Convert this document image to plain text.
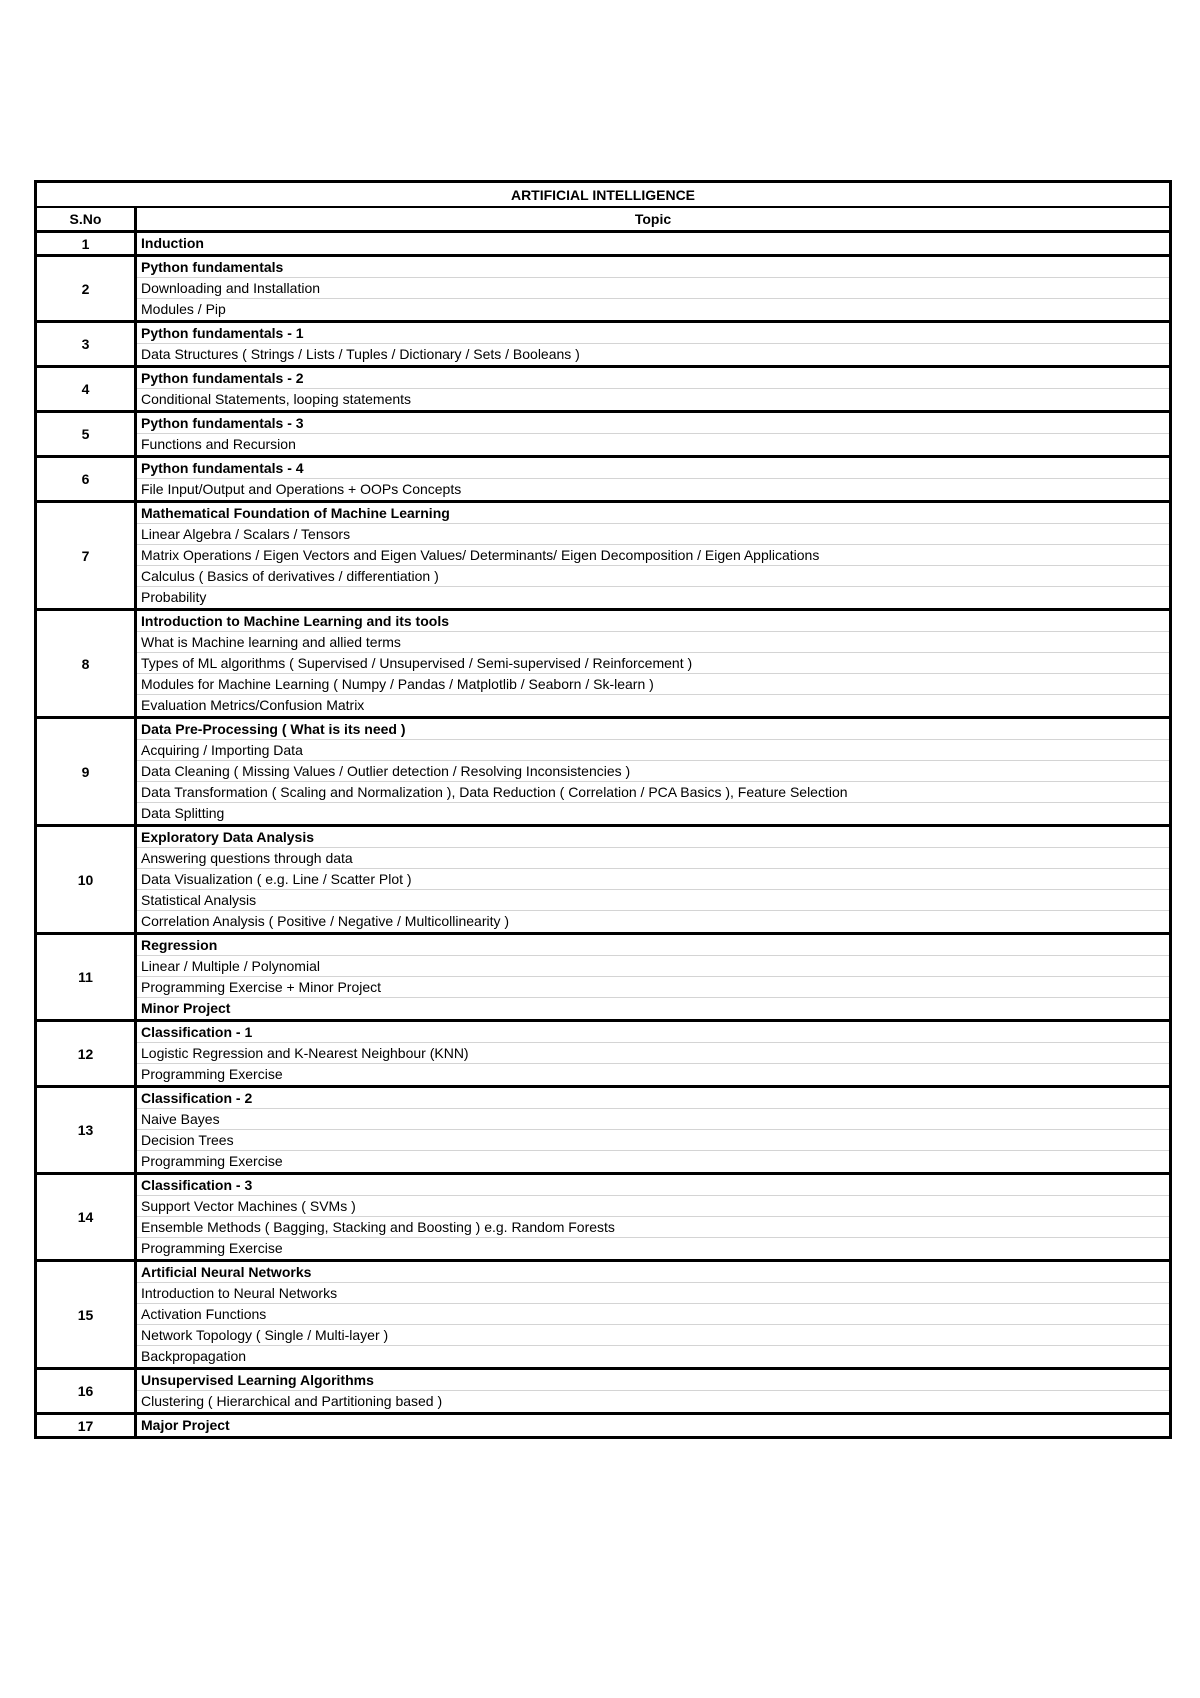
ARTIFICIAL INTELLIGENCE	
S.No	Topic
1	Induction

2	Python fundamentals
Downloading and Installation
Modules / Pip

3	Python fundamentals - 1
Data Structures ( Strings / Lists / Tuples / Dictionary / Sets / Booleans )

4	Python fundamentals - 2
Conditional Statements, looping statements

5	Python fundamentals - 3
Functions and Recursion

6	Python fundamentals - 4
File Input/Output and Operations + OOPs Concepts

7	Mathematical Foundation of Machine Learning
Linear Algebra / Scalars / Tensors
Matrix Operations / Eigen Vectors and Eigen Values/ Determinants/ Eigen Decomposition / Eigen Applications
Calculus ( Basics of derivatives / differentiation )
Probability

8	Introduction to Machine Learning and its tools
What is Machine learning and allied terms
Types of ML algorithms ( Supervised / Unsupervised / Semi-supervised / Reinforcement )
Modules for Machine Learning ( Numpy / Pandas / Matplotlib / Seaborn / Sk-learn )
Evaluation Metrics/Confusion Matrix

9	Data Pre-Processing ( What is its need )
Acquiring / Importing Data
Data Cleaning ( Missing Values / Outlier detection / Resolving Inconsistencies )
Data Transformation ( Scaling and Normalization ), Data Reduction ( Correlation / PCA Basics ), Feature Selection
Data Splitting

10	Exploratory Data Analysis
Answering questions through data
Data Visualization ( e.g. Line / Scatter Plot )
Statistical Analysis
Correlation Analysis ( Positive / Negative / Multicollinearity )

11	Regression
Linear / Multiple / Polynomial
Programming Exercise + Minor Project
Minor Project

12	Classification - 1
Logistic Regression and K-Nearest Neighbour (KNN)
Programming Exercise

13	Classification - 2
Naive Bayes
Decision Trees
Programming Exercise

14	Classification - 3
Support Vector Machines ( SVMs )
Ensemble Methods ( Bagging, Stacking and Boosting ) e.g. Random Forests
Programming Exercise

15	Artificial Neural Networks
Introduction to Neural Networks
Activation Functions
Network Topology ( Single / Multi-layer )
Backpropagation

16	Unsupervised Learning Algorithms
Clustering ( Hierarchical and Partitioning based )

17	Major Project
